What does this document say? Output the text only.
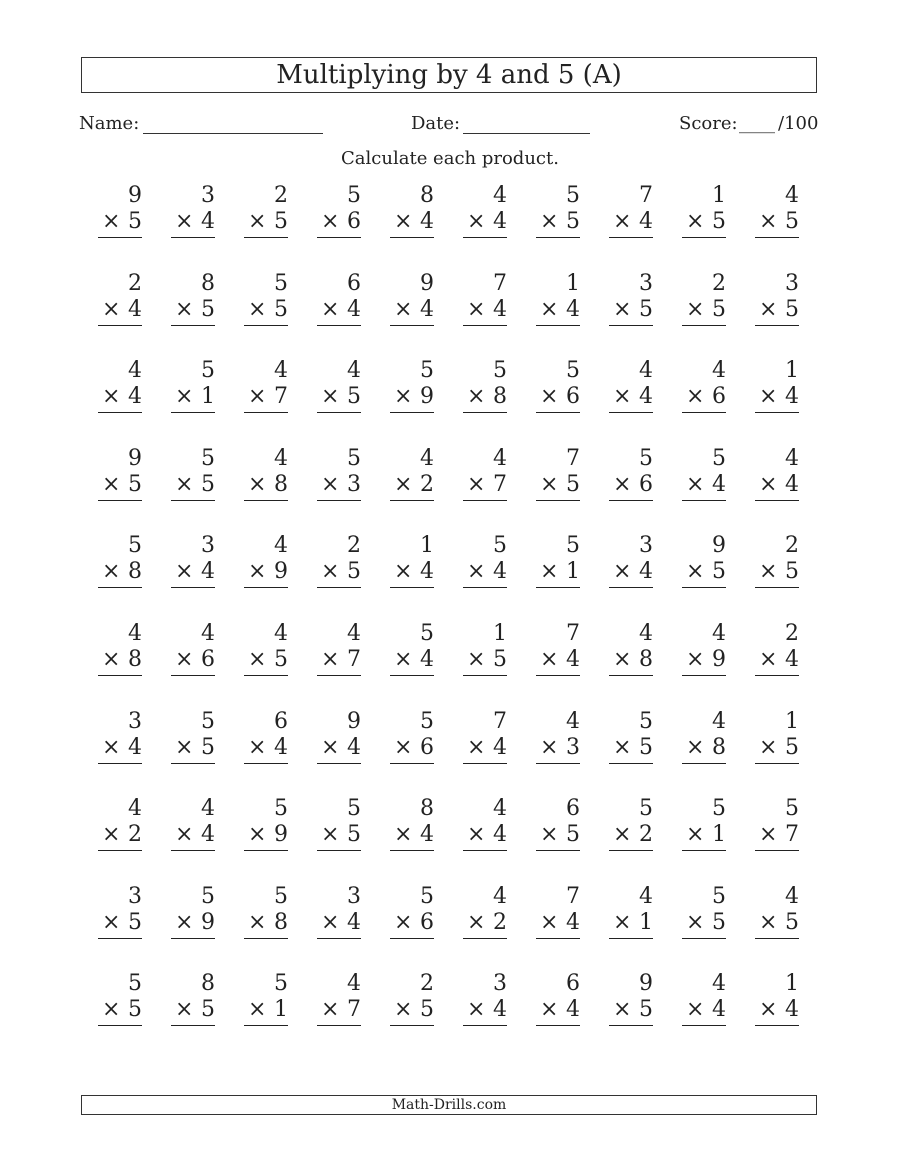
Multiplying by 4 and 5 (A)
Name:	Date:	Score: ____ /100
Calculate each product.
9
× 5
3
× 4
2
× 5
5
× 6
8
× 4
4
× 4
5
× 5
7
× 4
1
× 5
4
× 5
2
× 4
8
× 5
5
× 5
6
× 4
9
× 4
7
× 4
1
× 4
3
× 5
2
× 5
3
× 5
4
× 4
5
× 1
4
× 7
4
× 5
5
× 9
5
× 8
5
× 6
4
× 4
4
× 6
1
× 4
9
× 5
5
× 5
4
× 8
5
× 3
4
× 2
4
× 7
7
× 5
5
× 6
5
× 4
4
× 4
5
× 8
3
× 4
4
× 9
2
× 5
1
× 4
5
× 4
5
× 1
3
× 4
9
× 5
2
× 5
4
× 8
4
× 6
4
× 5
4
× 7
5
× 4
1
× 5
7
× 4
4
× 8
4
× 9
2
× 4
3
× 4
5
× 5
6
× 4
9
× 4
5
× 6
7
× 4
4
× 3
5
× 5
4
× 8
1
× 5
4
× 2
4
× 4
5
× 9
5
× 5
8
× 4
4
× 4
6
× 5
5
× 2
5
× 1
5
× 7
3
× 5
5
× 9
5
× 8
3
× 4
5
× 6
4
× 2
7
× 4
4
× 1
5
× 5
4
× 5
5
× 5
8
× 5
5
× 1
4
× 7
2
× 5
3
× 4
6
× 4
9
× 5
4
× 4
1
× 4
Math-Drills.com
